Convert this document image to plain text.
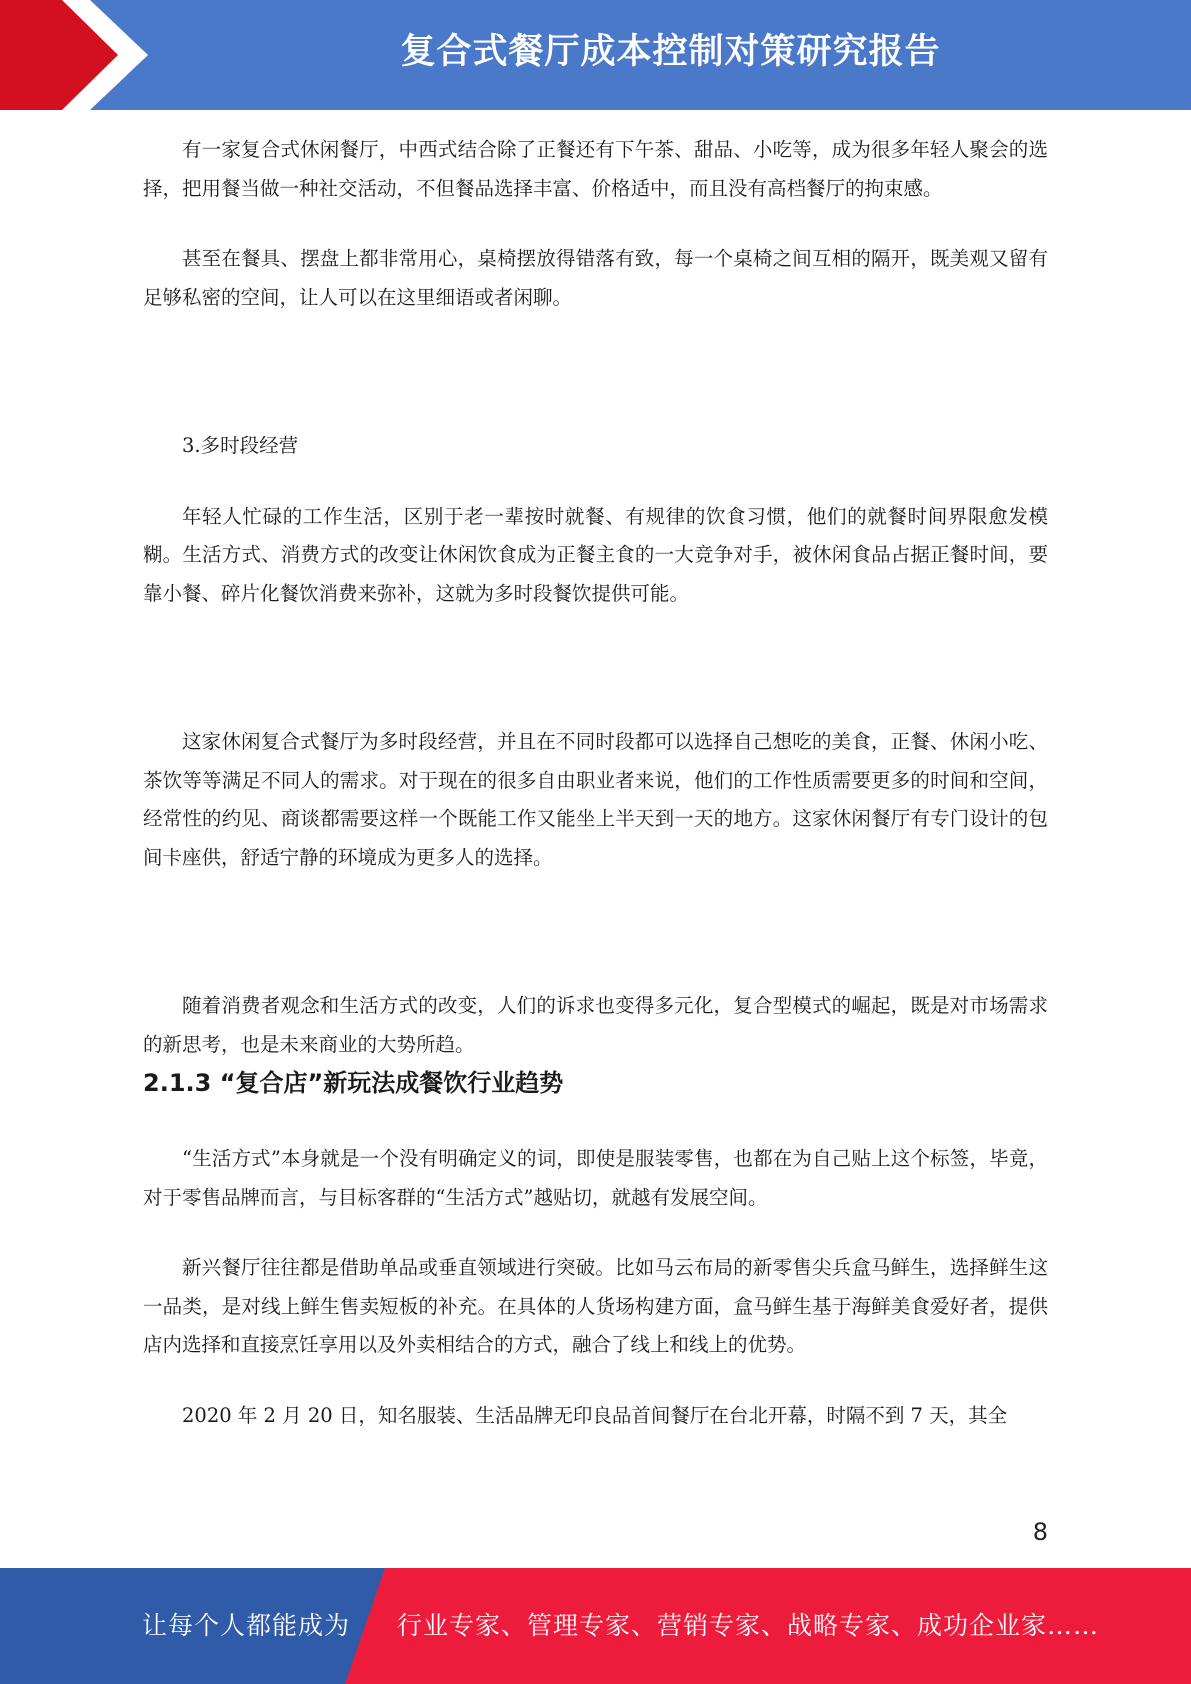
复合式餐厅成本控制对策研究报告

有一家复合式休闲餐厅，中西式结合除了正餐还有下午茶、甜品、小吃等，成为很多年轻人聚会的选择，把用餐当做一种社交活动，不但餐品选择丰富、价格适中，而且没有高档餐厅的拘束感。

甚至在餐具、摆盘上都非常用心，桌椅摆放得错落有致，每一个桌椅之间互相的隔开，既美观又留有足够私密的空间，让人可以在这里细语或者闲聊。

3.多时段经营

年轻人忙碌的工作生活，区别于老一辈按时就餐、有规律的饮食习惯，他们的就餐时间界限愈发模糊。生活方式、消费方式的改变让休闲饮食成为正餐主食的一大竞争对手，被休闲食品占据正餐时间，要靠小餐、碎片化餐饮消费来弥补，这就为多时段餐饮提供可能。

这家休闲复合式餐厅为多时段经营，并且在不同时段都可以选择自己想吃的美食，正餐、休闲小吃、茶饮等等满足不同人的需求。对于现在的很多自由职业者来说，他们的工作性质需要更多的时间和空间，经常性的约见、商谈都需要这样一个既能工作又能坐上半天到一天的地方。这家休闲餐厅有专门设计的包间卡座供，舒适宁静的环境成为更多人的选择。

随着消费者观念和生活方式的改变，人们的诉求也变得多元化，复合型模式的崛起，既是对市场需求的新思考，也是未来商业的大势所趋。

2.1.3 “复合店”新玩法成餐饮行业趋势

“生活方式”本身就是一个没有明确定义的词，即使是服装零售，也都在为自己贴上这个标签，毕竟，对于零售品牌而言，与目标客群的“生活方式”越贴切，就越有发展空间。

新兴餐厅往往都是借助单品或垂直领域进行突破。比如马云布局的新零售尖兵盒马鲜生，选择鲜生这一品类，是对线上鲜生售卖短板的补充。在具体的人货场构建方面，盒马鲜生基于海鲜美食爱好者，提供店内选择和直接烹饪享用以及外卖相结合的方式，融合了线上和线上的优势。

2020 年 2 月 20 日，知名服装、生活品牌无印良品首间餐厅在台北开幕，时隔不到 7 天，其全

8
让每个人都能成为 行业专家、管理专家、营销专家、战略专家、成功企业家……
